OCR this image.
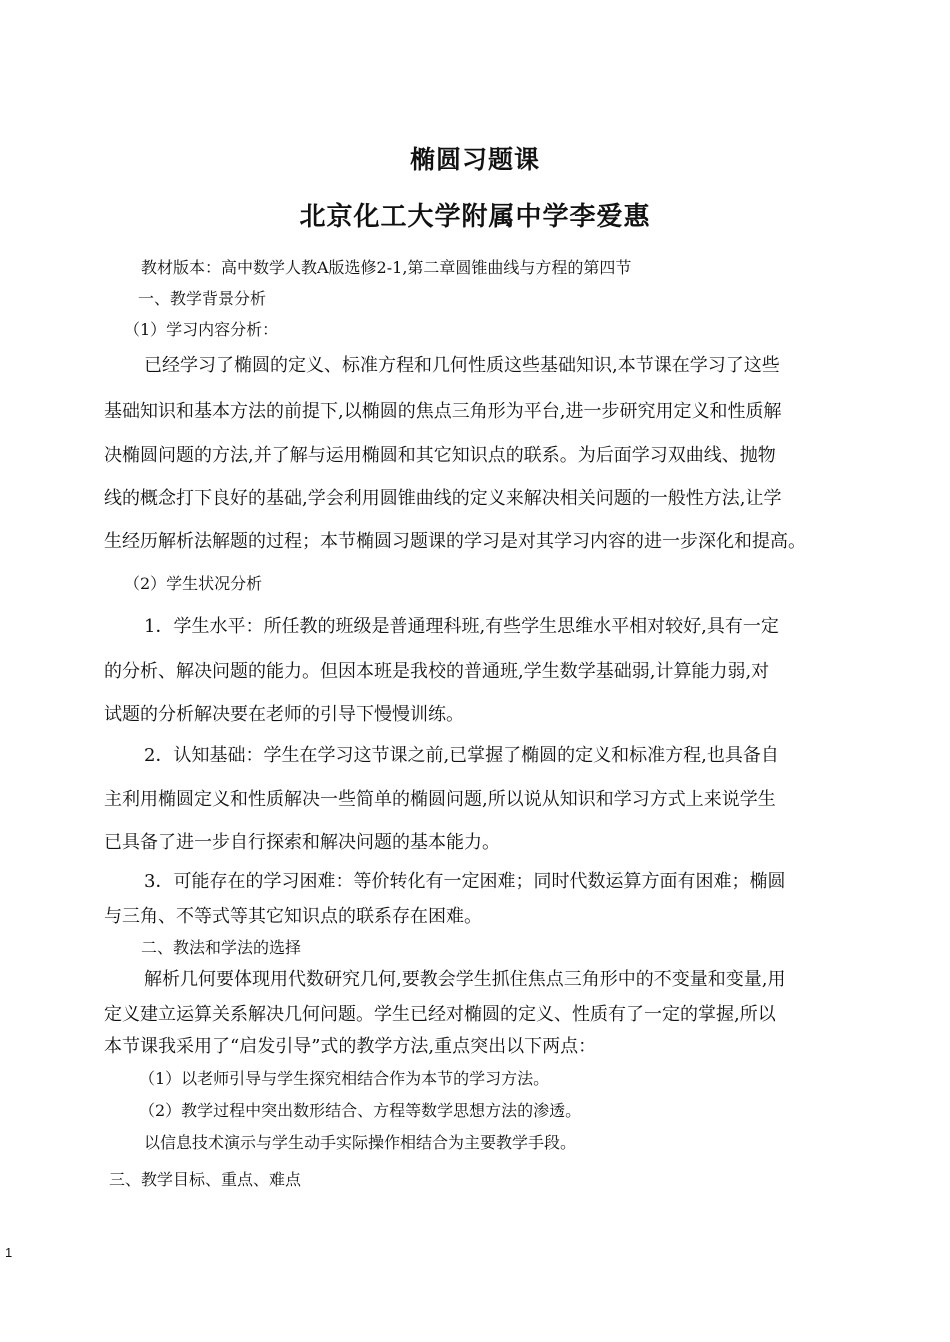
椭圆习题课
北京化工大学附属中学李爱惠

教材版本：高中数学人教A版选修2-1,第二章圆锥曲线与方程的第四节

一、教学背景分析

（1）学习内容分析：

已经学习了椭圆的定义、标准方程和几何性质这些基础知识,本节课在学习了这些

基础知识和基本方法的前提下,以椭圆的焦点三角形为平台,进一步研究用定义和性质解

决椭圆问题的方法,并了解与运用椭圆和其它知识点的联系。为后面学习双曲线、抛物

线的概念打下良好的基础,学会利用圆锥曲线的定义来解决相关问题的一般性方法,让学

生经历解析法解题的过程；本节椭圆习题课的学习是对其学习内容的进一步深化和提高。

（2）学生状况分析

1．学生水平：所任教的班级是普通理科班,有些学生思维水平相对较好,具有一定

的分析、解决问题的能力。但因本班是我校的普通班,学生数学基础弱,计算能力弱,对

试题的分析解决要在老师的引导下慢慢训练。

2．认知基础：学生在学习这节课之前,已掌握了椭圆的定义和标准方程,也具备自

主利用椭圆定义和性质解决一些简单的椭圆问题,所以说从知识和学习方式上来说学生

已具备了进一步自行探索和解决问题的基本能力。

3．可能存在的学习困难：等价转化有一定困难；同时代数运算方面有困难；椭圆

与三角、不等式等其它知识点的联系存在困难。

二、教法和学法的选择

解析几何要体现用代数研究几何,要教会学生抓住焦点三角形中的不变量和变量,用

定义建立运算关系解决几何问题。学生已经对椭圆的定义、性质有了一定的掌握,所以

本节课我采用了“启发引导”式的教学方法,重点突出以下两点：

（1）以老师引导与学生探究相结合作为本节的学习方法。

（2）教学过程中突出数形结合、方程等数学思想方法的渗透。

以信息技术演示与学生动手实际操作相结合为主要教学手段。

三、教学目标、重点、难点

1
